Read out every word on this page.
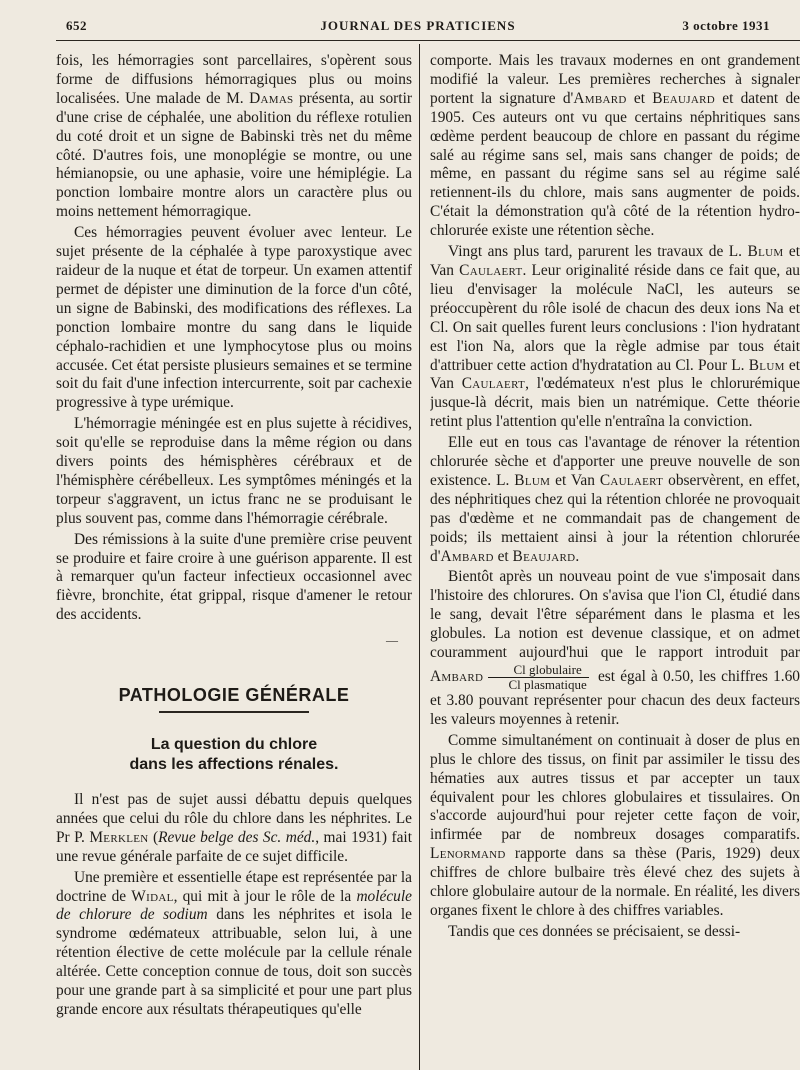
652	JOURNAL DES PRATICIENS	3 octobre 1931

fois, les hémorragies sont parcellaires, s'opèrent sous forme de diffusions hémorragiques plus ou moins localisées. Une malade de M. Damas présenta, au sortir d'une crise de céphalée, une abolition du réflexe rotulien du coté droit et un signe de Babinski très net du même côté. D'autres fois, une monoplégie se montre, ou une hémianopsie, ou une aphasie, voire une hémiplégie. La ponction lombaire montre alors un caractère plus ou moins nettement hémorragique.

Ces hémorragies peuvent évoluer avec lenteur. Le sujet présente de la céphalée à type paroxystique avec raideur de la nuque et état de torpeur. Un examen attentif permet de dépister une diminution de la force d'un côté, un signe de Babinski, des modifications des réflexes. La ponction lombaire montre du sang dans le liquide céphalo-rachidien et une lymphocytose plus ou moins accusée. Cet état persiste plusieurs semaines et se termine soit du fait d'une infection intercurrente, soit par cachexie progressive à type urémique.

L'hémorragie méningée est en plus sujette à récidives, soit qu'elle se reproduise dans la même région ou dans divers points des hémisphères cérébraux et de l'hémisphère cérébelleux. Les symptômes méningés et la torpeur s'aggravent, un ictus franc ne se produisant le plus souvent pas, comme dans l'hémorragie cérébrale.

Des rémissions à la suite d'une première crise peuvent se produire et faire croire à une guérison apparente. Il est à remarquer qu'un facteur infectieux occasionnel avec fièvre, bronchite, état grippal, risque d'amener le retour des accidents.

—
PATHOLOGIE GÉNÉRALE
La question du chlore
dans les affections rénales.

Il n'est pas de sujet aussi débattu depuis quelques années que celui du rôle du chlore dans les néphrites. Le Pr P. Merklen (Revue belge des Sc. méd., mai 1931) fait une revue générale parfaite de ce sujet difficile.

Une première et essentielle étape est représentée par la doctrine de Widal, qui mit à jour le rôle de la molécule de chlorure de sodium dans les néphrites et isola le syndrome œdémateux attribuable, selon lui, à une rétention élective de cette molécule par la cellule rénale altérée. Cette conception connue de tous, doit son succès pour une grande part à sa simplicité et pour une part plus grande encore aux résultats thérapeutiques qu'elle

comporte. Mais les travaux modernes en ont grandement modifié la valeur. Les premières recherches à signaler portent la signature d'Ambard et Beaujard et datent de 1905. Ces auteurs ont vu que certains néphritiques sans œdème perdent beaucoup de chlore en passant du régime salé au régime sans sel, mais sans changer de poids; de même, en passant du régime sans sel au régime salé retiennent-ils du chlore, mais sans augmenter de poids. C'était la démonstration qu'à côté de la rétention hydro-chlorurée existe une rétention sèche.

Vingt ans plus tard, parurent les travaux de L. Blum et Van Caulaert. Leur originalité réside dans ce fait que, au lieu d'envisager la molécule NaCl, les auteurs se préoccupèrent du rôle isolé de chacun des deux ions Na et Cl. On sait quelles furent leurs conclusions : l'ion hydratant est l'ion Na, alors que la règle admise par tous était d'attribuer cette action d'hydratation au Cl. Pour L. Blum et Van Caulaert, l'œdémateux n'est plus le chlorurémique jusque-là décrit, mais bien un natrémique. Cette théorie retint plus l'attention qu'elle n'entraîna la conviction.

Elle eut en tous cas l'avantage de rénover la rétention chlorurée sèche et d'apporter une preuve nouvelle de son existence. L. Blum et Van Caulaert observèrent, en effet, des néphritiques chez qui la rétention chlorée ne provoquait pas d'œdème et ne commandait pas de changement de poids; ils mettaient ainsi à jour la rétention chlorurée d'Ambard et Beaujard.

Bientôt après un nouveau point de vue s'imposait dans l'histoire des chlorures. On s'avisa que l'ion Cl, étudié dans le sang, devait l'être séparément dans le plasma et les globules. La notion est devenue classique, et on admet couramment aujourd'hui que le rapport introduit par Ambard $\frac{\text{Cl globulaire}}{\text{Cl plasmatique}}$ est égal à 0.50, les chiffres 1.60 et 3.80 pouvant représenter pour chacun des deux facteurs les valeurs moyennes à retenir.

Comme simultanément on continuait à doser de plus en plus le chlore des tissus, on finit par assimiler le tissu des hématies aux autres tissus et par accepter un taux équivalent pour les chlores globulaires et tissulaires. On s'accorde aujourd'hui pour rejeter cette façon de voir, infirmée par de nombreux dosages comparatifs. Lenormand rapporte dans sa thèse (Paris, 1929) deux chiffres de chlore bulbaire très élevé chez des sujets à chlore globulaire autour de la normale. En réalité, les divers organes fixent le chlore à des chiffres variables.

Tandis que ces données se précisaient, se dessi-
